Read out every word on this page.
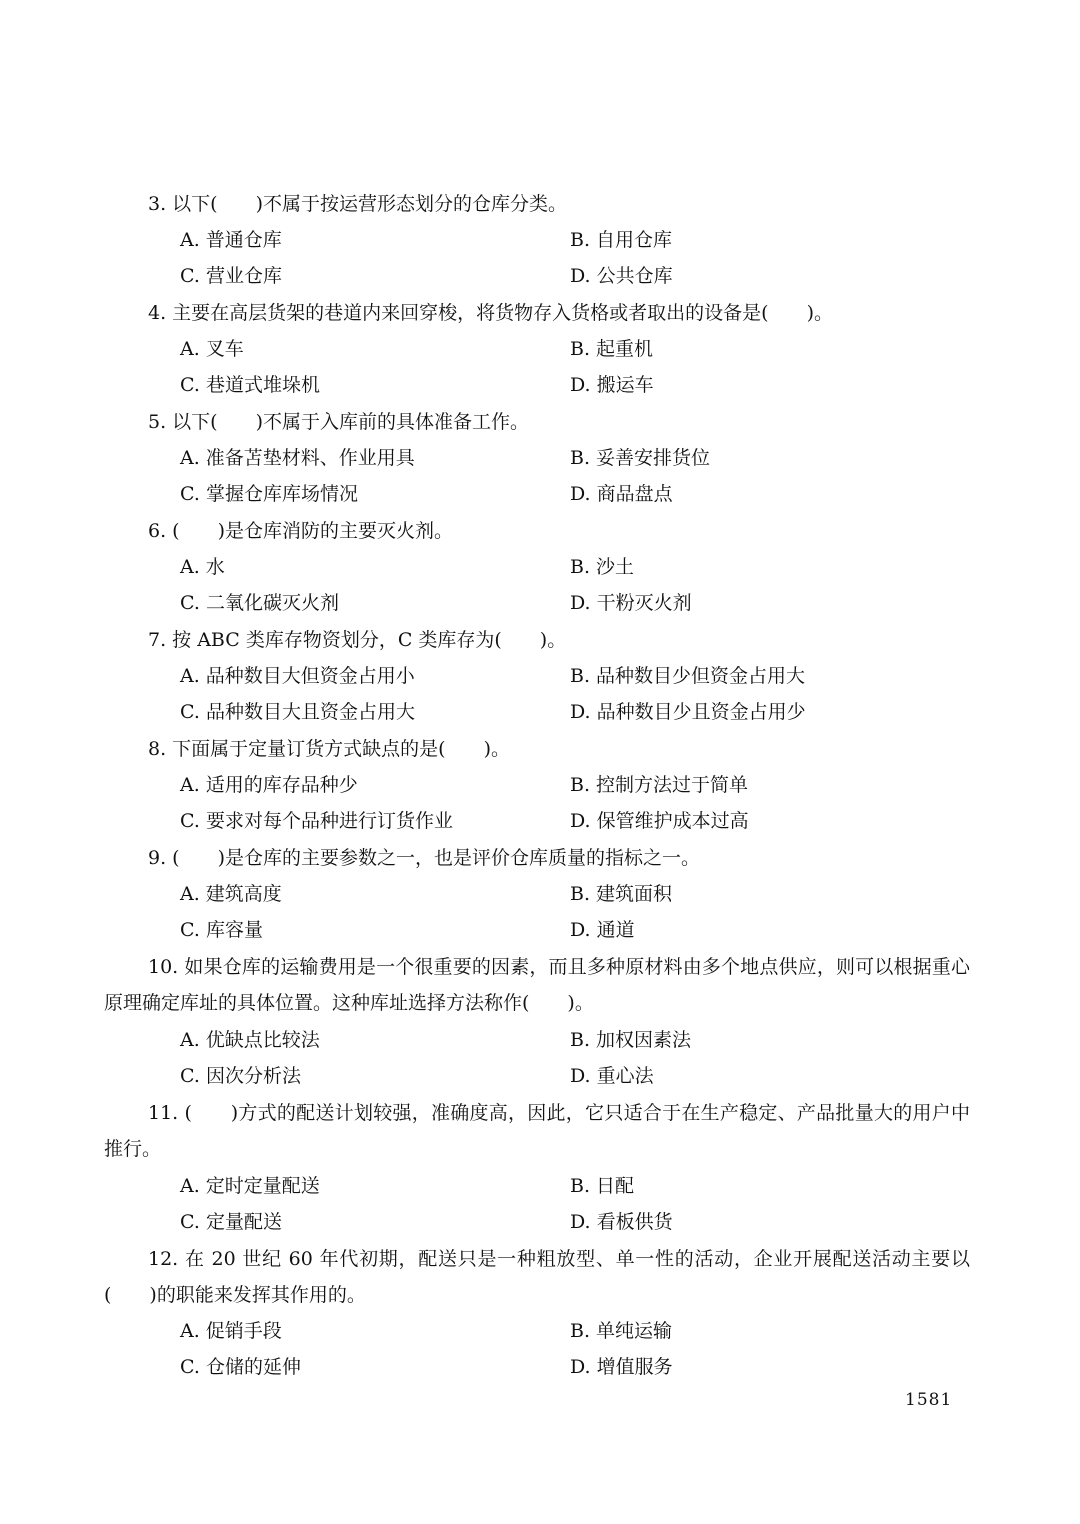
3. 以下(　　)不属于按运营形态划分的仓库分类。
A. 普通仓库	B. 自用仓库
C. 营业仓库	D. 公共仓库
4. 主要在高层货架的巷道内来回穿梭，将货物存入货格或者取出的设备是(　　)。
A. 叉车	B. 起重机
C. 巷道式堆垛机	D. 搬运车
5. 以下(　　)不属于入库前的具体准备工作。
A. 准备苫垫材料、作业用具	B. 妥善安排货位
C. 掌握仓库库场情况	D. 商品盘点
6. (　　)是仓库消防的主要灭火剂。
A. 水	B. 沙土
C. 二氧化碳灭火剂	D. 干粉灭火剂
7. 按 ABC 类库存物资划分，C 类库存为(　　)。
A. 品种数目大但资金占用小	B. 品种数目少但资金占用大
C. 品种数目大且资金占用大	D. 品种数目少且资金占用少
8. 下面属于定量订货方式缺点的是(　　)。
A. 适用的库存品种少	B. 控制方法过于简单
C. 要求对每个品种进行订货作业	D. 保管维护成本过高
9. (　　)是仓库的主要参数之一，也是评价仓库质量的指标之一。
A. 建筑高度	B. 建筑面积
C. 库容量	D. 通道
10. 如果仓库的运输费用是一个很重要的因素，而且多种原材料由多个地点供应，则可以根据重心原理确定库址的具体位置。这种库址选择方法称作(　　)。
A. 优缺点比较法	B. 加权因素法
C. 因次分析法	D. 重心法
11. (　　)方式的配送计划较强，准确度高，因此，它只适合于在生产稳定、产品批量大的用户中推行。
A. 定时定量配送	B. 日配
C. 定量配送	D. 看板供货
12. 在 20 世纪 60 年代初期，配送只是一种粗放型、单一性的活动，企业开展配送活动主要以(　　)的职能来发挥其作用的。
A. 促销手段	B. 单纯运输
C. 仓储的延伸	D. 增值服务
1581
